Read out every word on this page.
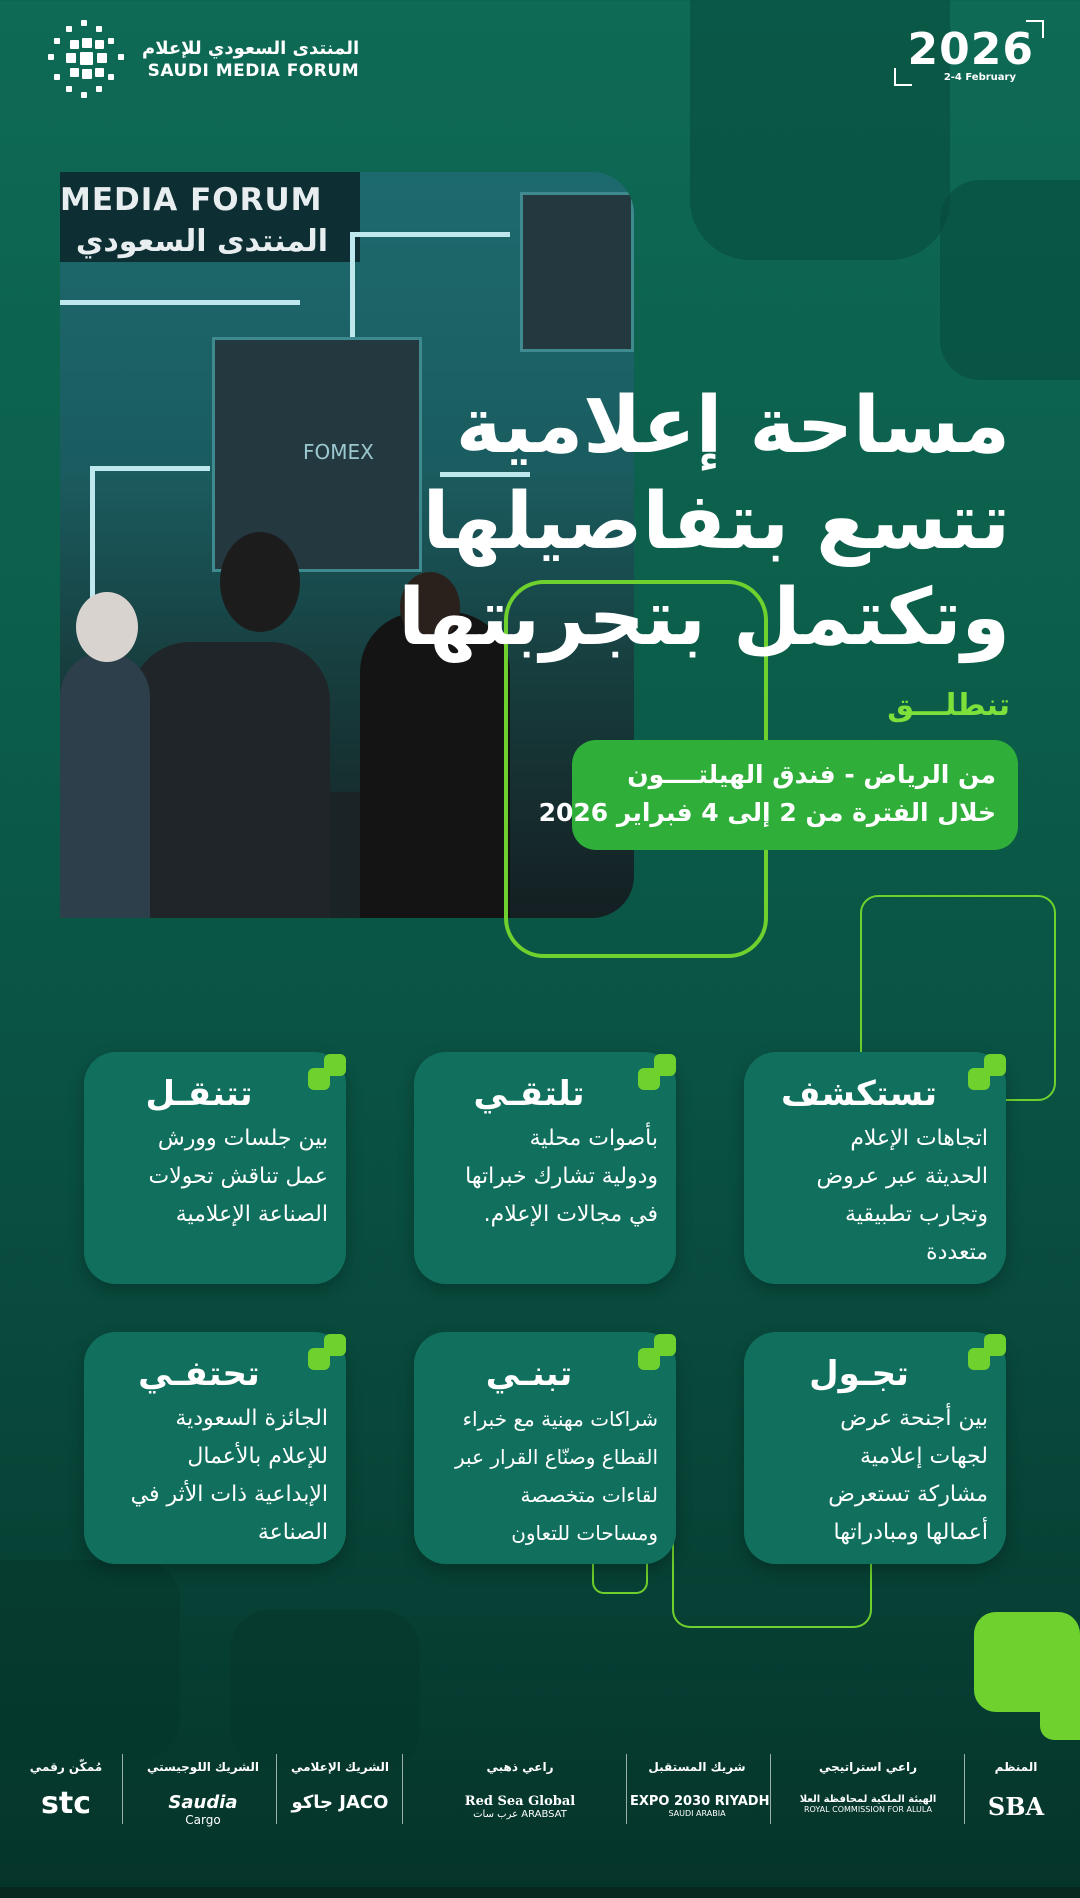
المنتدى السعودي للإعلام
SAUDI MEDIA FORUM	2026
2-4 February
MEDIA FORUM
المنتدى السعودي
FOMEX	مساحة إعلامية
تتسع بتفاصيلها
وتكتمل بتجربتها
تنطلـــق
من الرياض - فندق الهيلتــــون
خلال الفترة من 2 إلى 4 فبراير 2026
تستكشف
اتجاهات الإعلام
الحديثة عبر عروض
وتجارب تطبيقية
متعددة
تلتقـي
بأصوات محلية
ودولية تشارك خبراتها
في مجالات الإعلام.
تتنقـل
بين جلسات وورش
عمل تناقش تحولات
الصناعة الإعلامية
تجـول
بين أجنحة عرض
لجهات إعلامية
مشاركة تستعرض
أعمالها ومبادراتها
تبنـي
شراكات مهنية مع خبراء
القطاع وصنّاع القرار عبر
لقاءات متخصصة
ومساحات للتعاون
تحتفـي
الجائزة السعودية
للإعلام بالأعمال
الإبداعية ذات الأثر في
الصناعة
المنظم
SBA
راعي استراتيجي
الهيئة الملكية لمحافظة العلا
ROYAL COMMISSION FOR ALULA
شريك المستقبل
EXPO 2030 RIYADH
SAUDI ARABIA
راعي ذهبي
Red Sea Global
عرب سات ARABSAT
الشريك الإعلامي
جاكو JACO
الشريك اللوجيستي
Saudia
Cargo
مُمكّن رقمي
stc
